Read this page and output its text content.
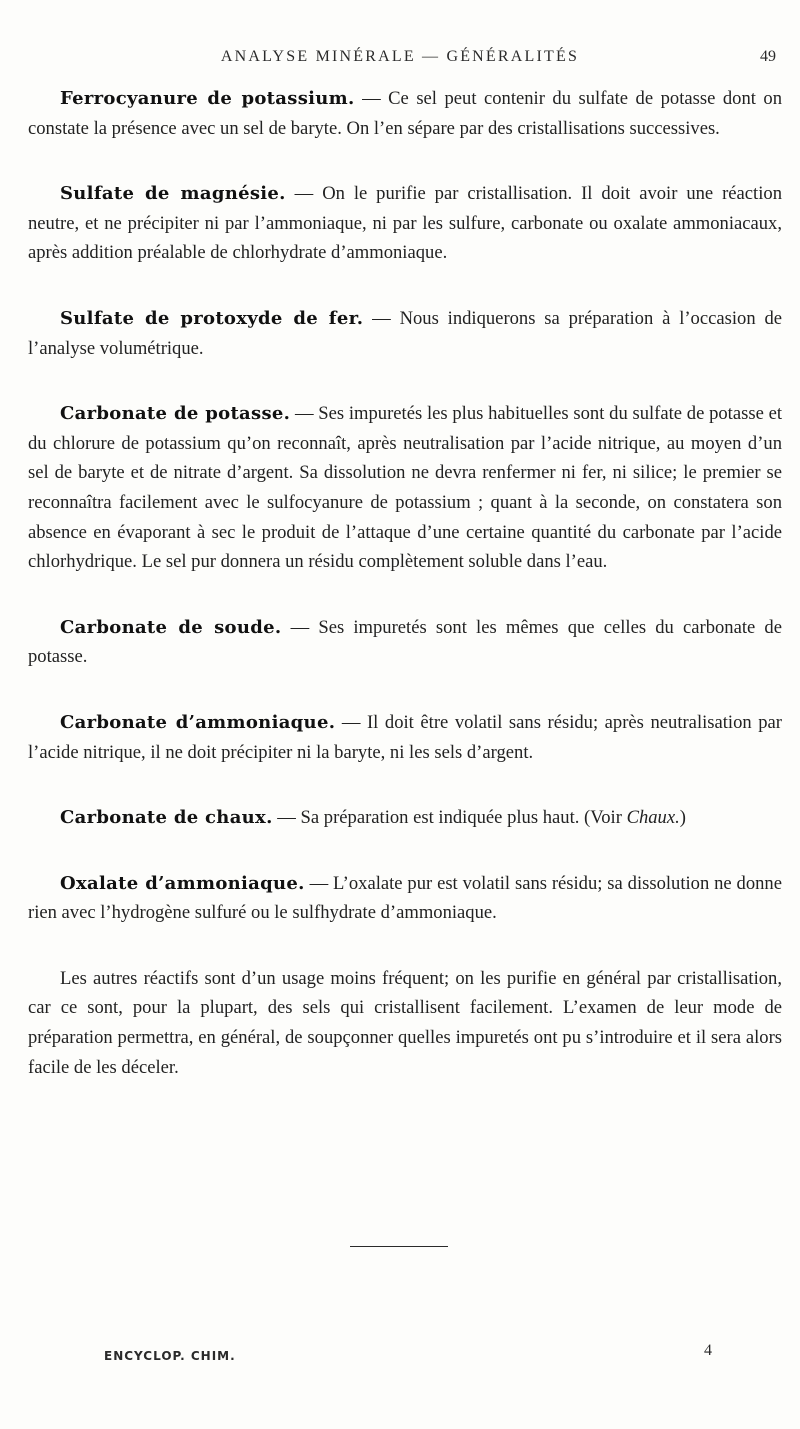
ANALYSE MINÉRALE — GÉNÉRALITÉS	49

Ferrocyanure de potassium. — Ce sel peut contenir du sulfate de potasse dont on constate la présence avec un sel de baryte. On l’en sépare par des cristallisations successives.

Sulfate de magnésie. — On le purifie par cristallisation. Il doit avoir une réaction neutre, et ne précipiter ni par l’ammoniaque, ni par les sulfure, carbonate ou oxalate ammoniacaux, après addition préalable de chlorhydrate d’ammoniaque.

Sulfate de protoxyde de fer. — Nous indiquerons sa préparation à l’occasion de l’analyse volumétrique.

Carbonate de potasse. — Ses impuretés les plus habituelles sont du sulfate de potasse et du chlorure de potassium qu’on reconnaît, après neutralisation par l’acide nitrique, au moyen d’un sel de baryte et de nitrate d’argent. Sa dissolution ne devra renfermer ni fer, ni silice; le premier se reconnaîtra facilement avec le sulfocyanure de potassium ; quant à la seconde, on constatera son absence en évaporant à sec le produit de l’attaque d’une certaine quantité du carbonate par l’acide chlorhydrique. Le sel pur donnera un résidu complètement soluble dans l’eau.

Carbonate de soude. — Ses impuretés sont les mêmes que celles du carbonate de potasse.

Carbonate d’ammoniaque. — Il doit être volatil sans résidu; après neutralisation par l’acide nitrique, il ne doit précipiter ni la baryte, ni les sels d’argent.

Carbonate de chaux. — Sa préparation est indiquée plus haut. (Voir Chaux.)

Oxalate d’ammoniaque. — L’oxalate pur est volatil sans résidu; sa dissolution ne donne rien avec l’hydrogène sulfuré ou le sulfhydrate d’ammoniaque.

Les autres réactifs sont d’un usage moins fréquent; on les purifie en général par cristallisation, car ce sont, pour la plupart, des sels qui cristallisent facilement. L’examen de leur mode de préparation permettra, en général, de soupçonner quelles impuretés ont pu s’introduire et il sera alors facile de les déceler.

ENCYCLOP. CHIM.	4
